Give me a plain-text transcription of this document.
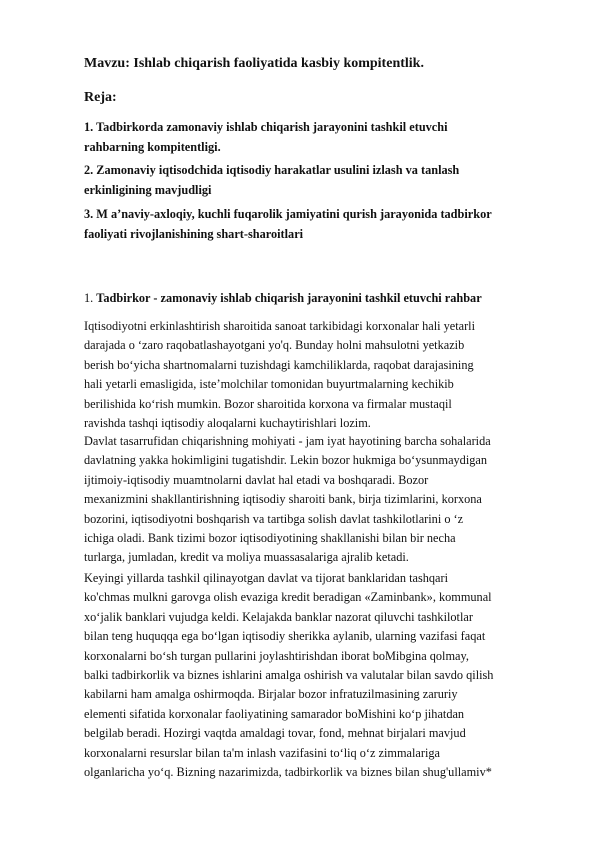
Mavzu: Ishlab chiqarish faoliyatida kasbiy kompitentlik.

Reja:

1. Tadbirkorda zamonaviy ishlab chiqarish jarayonini tashkil etuvchi
rahbarning kompitentligi.

2. Zamonaviy iqtisodchida iqtisodiy harakatlar usulini izlash va tanlash
erkinligining mavjudligi

3. M a’naviy-axloqiy, kuchli fuqarolik jamiyatini qurish jarayonida tadbirkor
faoliyati rivojlanishining shart-sharoitlari

1. Tadbirkor - zamonaviy ishlab chiqarish jarayonini tashkil etuvchi rahbar

Iqtisodiyotni erkinlashtirish sharoitida sanoat tarkibidagi korxonalar hali yetarli
darajada o ‘zaro raqobatlashayotgani yo'q. Bunday holni mahsulotni yetkazib
berish bo‘yicha shartnomalarni tuzishdagi kamchiliklarda, raqobat darajasining
hali yetarli emasligida, iste’molchilar tomonidan buyurtmalarning kechikib
berilishida ko‘rish mumkin. Bozor sharoitida korxona va firmalar mustaqil
ravishda tashqi iqtisodiy aloqalarni kuchaytirishlari lozim.

Davlat tasarrufidan chiqarishning mohiyati - jam iyat hayotining barcha sohalarida
davlatning yakka hokimligini tugatishdir. Lekin bozor hukmiga bo‘ysunmaydigan
ijtimoiy-iqtisodiy muamtnolarni davlat hal etadi va boshqaradi. Bozor
mexanizmini shakllantirishning iqtisodiy sharoiti bank, birja tizimlarini, korxona
bozorini, iqtisodiyotni boshqarish va tartibga solish davlat tashkilotlarini o ‘z
ichiga oladi. Bank tizimi bozor iqtisodiyotining shakllanishi bilan bir necha
turlarga, jumladan, kredit va moliya muassasalariga ajralib ketadi.

Keyingi yillarda tashkil qilinayotgan davlat va tijorat banklaridan tashqari
ko'chmas mulkni garovga olish evaziga kredit beradigan «Zaminbank», kommunal
xo‘jalik banklari vujudga keldi. Kelajakda banklar nazorat qiluvchi tashkilotlar
bilan teng huquqqa ega bo‘lgan iqtisodiy sherikka aylanib, ularning vazifasi faqat
korxonalarni bo‘sh turgan pullarini joylashtirishdan iborat boMibgina qolmay,
balki tadbirkorlik va biznes ishlarini amalga oshirish va valutalar bilan savdo qilish
kabilarni ham amalga oshirmoqda. Birjalar bozor infratuzilmasining zaruriy
elementi sifatida korxonalar faoliyatining samarador boMishini ko‘p jihatdan
belgilab beradi. Hozirgi vaqtda amaldagi tovar, fond, mehnat birjalari mavjud
korxonalarni resurslar bilan ta'm inlash vazifasini to‘liq o‘z zimmalariga
olganlaricha yo‘q. Bizning nazarimizda, tadbirkorlik va biznes bilan shug'ullamiv*
